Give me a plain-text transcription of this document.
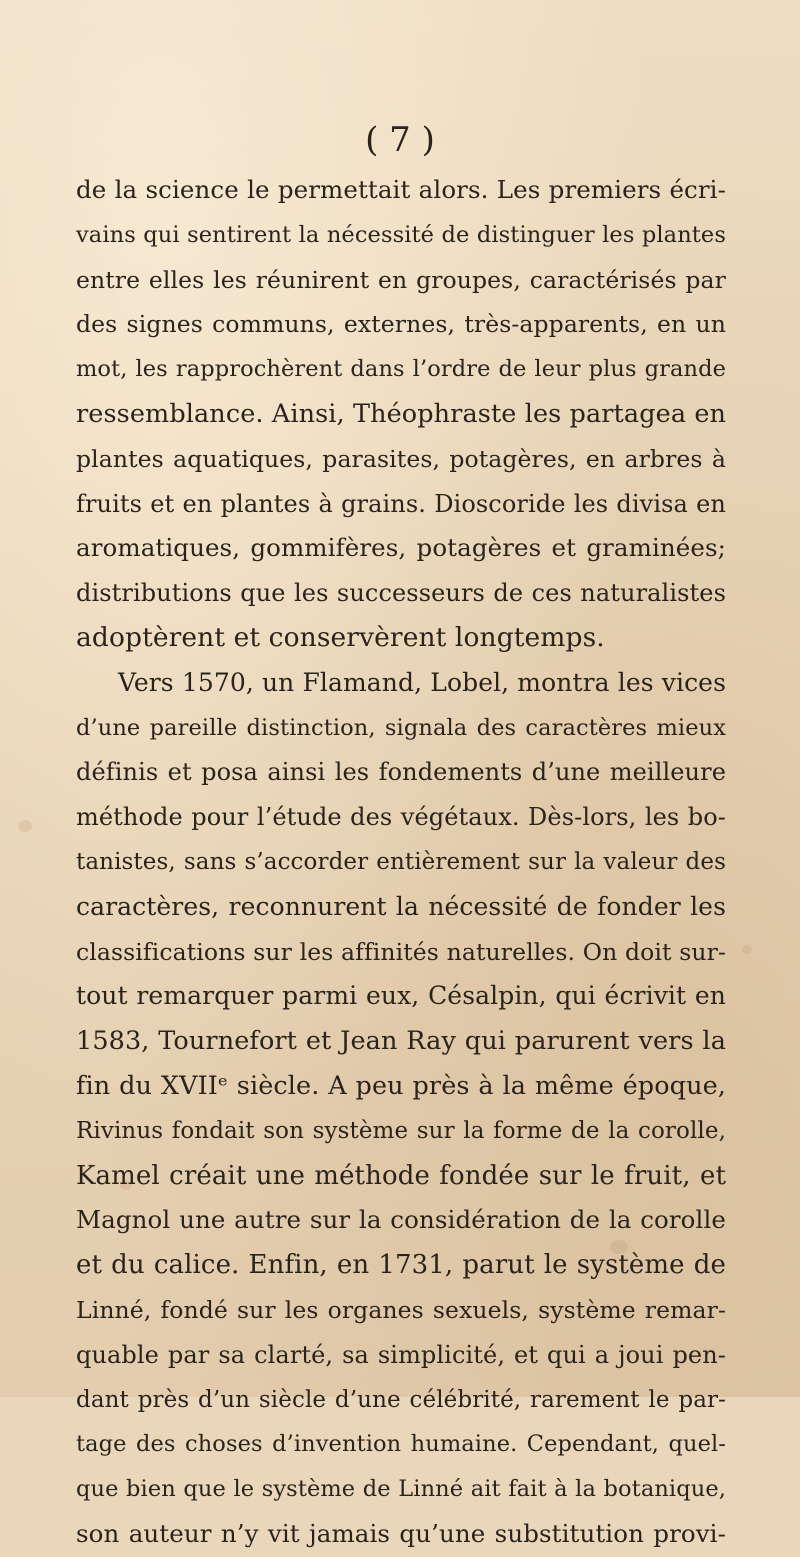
( 7 )
de la science le permettait alors. Les premiers écri-
vains qui sentirent la nécessité de distinguer les plantes
entre elles les réunirent en groupes, caractérisés par
des signes communs, externes, très-apparents, en un
mot, les rapprochèrent dans l’ordre de leur plus grande
ressemblance. Ainsi, Théophraste les partagea en
plantes aquatiques, parasites, potagères, en arbres à
fruits et en plantes à grains. Dioscoride les divisa en
aromatiques, gommifères, potagères et graminées;
distributions que les successeurs de ces naturalistes
adoptèrent et conservèrent longtemps.
Vers 1570, un Flamand, Lobel, montra les vices
d’une pareille distinction, signala des caractères mieux
définis et posa ainsi les fondements d’une meilleure
méthode pour l’étude des végétaux. Dès-lors, les bo-
tanistes, sans s’accorder entièrement sur la valeur des
caractères, reconnurent la nécessité de fonder les
classifications sur les affinités naturelles. On doit sur-
tout remarquer parmi eux, Césalpin, qui écrivit en
1583, Tournefort et Jean Ray qui parurent vers la
fin du XVIIᵉ siècle. A peu près à la même époque,
Rivinus fondait son système sur la forme de la corolle,
Kamel créait une méthode fondée sur le fruit, et
Magnol une autre sur la considération de la corolle
et du calice. Enfin, en 1731, parut le système de
Linné, fondé sur les organes sexuels, système remar-
quable par sa clarté, sa simplicité, et qui a joui pen-
dant près d’un siècle d’une célébrité, rarement le par-
tage des choses d’invention humaine. Cependant, quel-
que bien que le système de Linné ait fait à la botanique,
son auteur n’y vit jamais qu’une substitution provi-
